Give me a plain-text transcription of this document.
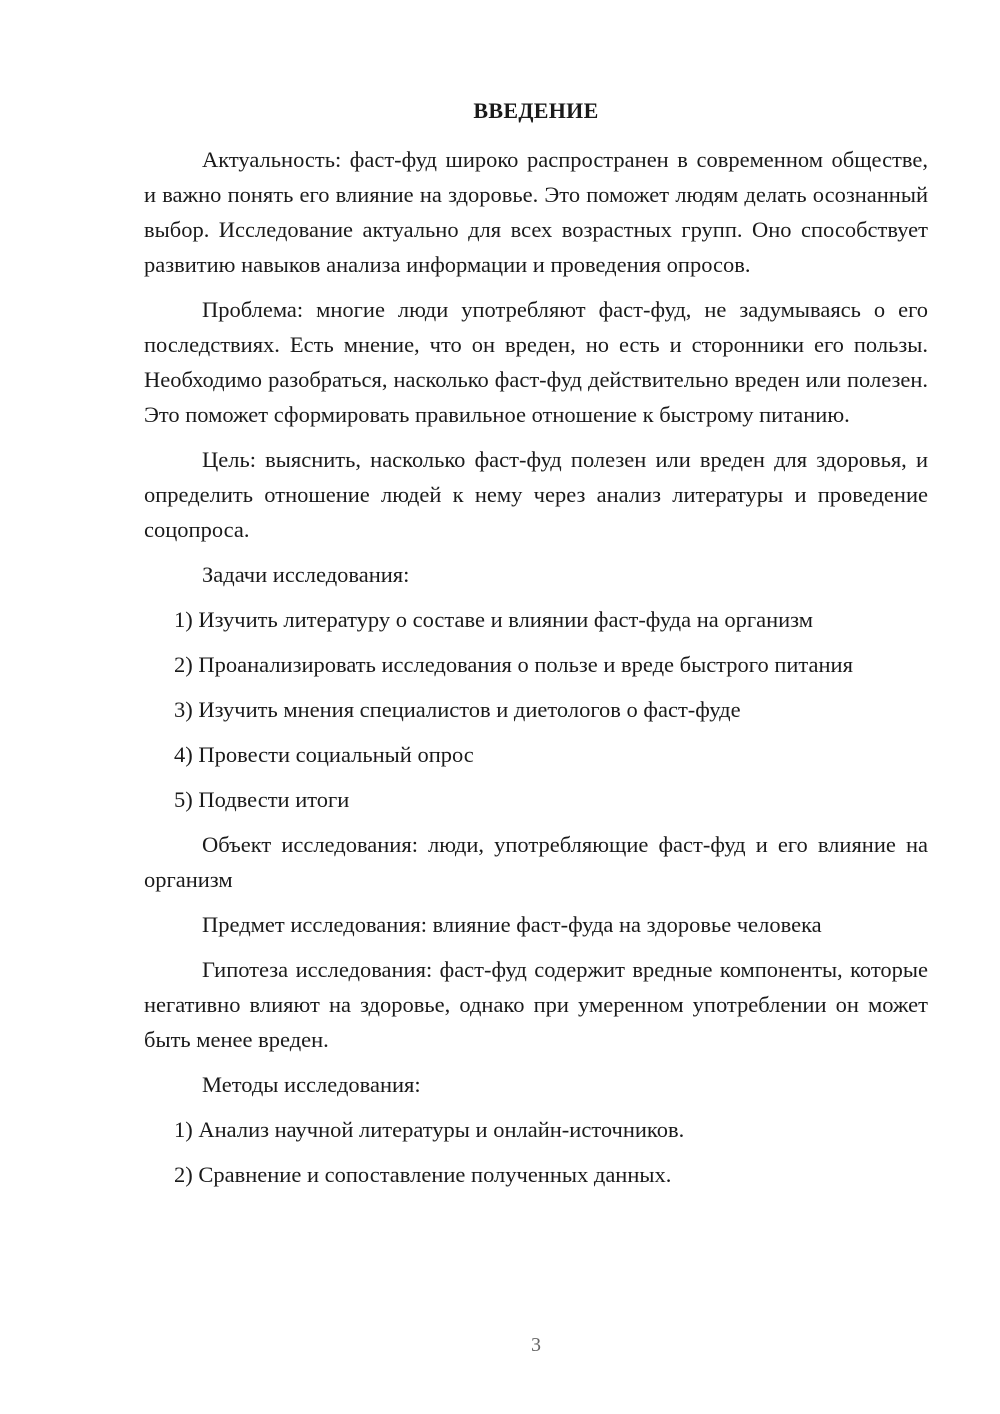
ВВЕДЕНИЕ

Актуальность: фаст-фуд широко распространен в современном обществе, и важно понять его влияние на здоровье. Это поможет людям делать осознанный выбор. Исследование актуально для всех возрастных групп. Оно способствует развитию навыков анализа информации и проведения опросов.

Проблема: многие люди употребляют фаст-фуд, не задумываясь о его последствиях. Есть мнение, что он вреден, но есть и сторонники его пользы. Необходимо разобраться, насколько фаст-фуд действительно вреден или полезен. Это поможет сформировать правильное отношение к быстрому питанию.

Цель: выяснить, насколько фаст-фуд полезен или вреден для здоровья, и определить отношение людей к нему через анализ литературы и проведение соцопроса.

Задачи исследования:

1) Изучить литературу о составе и влиянии фаст-фуда на организм

2) Проанализировать исследования о пользе и вреде быстрого питания

3) Изучить мнения специалистов и диетологов о фаст-фуде

4) Провести социальный опрос

5) Подвести итоги

Объект исследования: люди, употребляющие фаст-фуд и его влияние на организм

Предмет исследования: влияние фаст-фуда на здоровье человека

Гипотеза исследования: фаст-фуд содержит вредные компоненты, которые негативно влияют на здоровье, однако при умеренном употреблении он может быть менее вреден.

Методы исследования:

1) Анализ научной литературы и онлайн-источников.

2) Сравнение и сопоставление полученных данных.

3
